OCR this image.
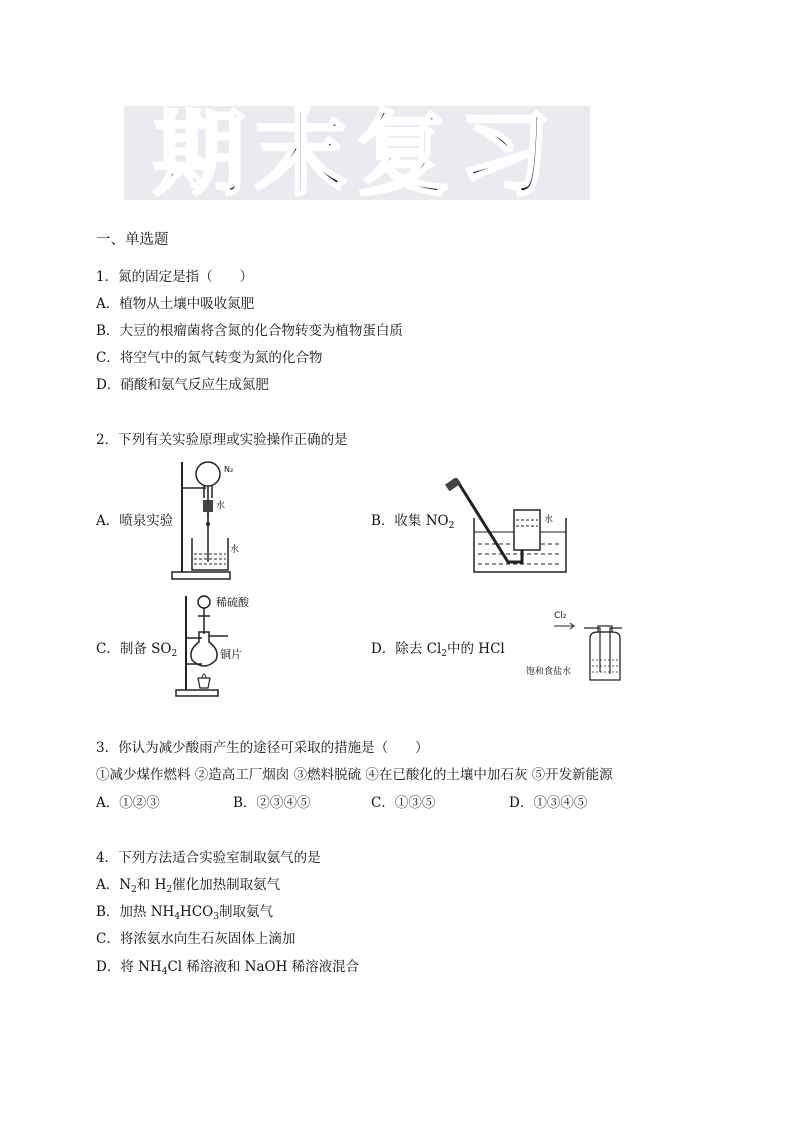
期末复习
一、单选题
1．氮的固定是指（　　）
A．植物从土壤中吸收氮肥
B．大豆的根瘤菌将含氮的化合物转变为植物蛋白质
C．将空气中的氮气转变为氮的化合物
D．硝酸和氨气反应生成氮肥
2．下列有关实验原理或实验操作正确的是
A．喷泉实验
N₂
水
水
B．收集 $NO_2$
水
C．制备 $SO_2$
稀硫酸
铜片	D．除去 $Cl_2$中的 HCl
Cl₂
饱和食盐水
3．你认为减少酸雨产生的途径可采取的措施是（　　）
①减少煤作燃料 ②造高工厂烟囱 ③燃料脱硫 ④在已酸化的土壤中加石灰 ⑤开发新能源
A．①②③	B．②③④⑤	C．①③⑤	D．①③④⑤
4．下列方法适合实验室制取氨气的是
A．$N_2$和 $H_2$催化加热制取氨气
B．加热 $NH_4HCO_3$制取氨气
C．将浓氨水向生石灰固体上滴加
D．将 $NH_4Cl$ 稀溶液和 NaOH 稀溶液混合
